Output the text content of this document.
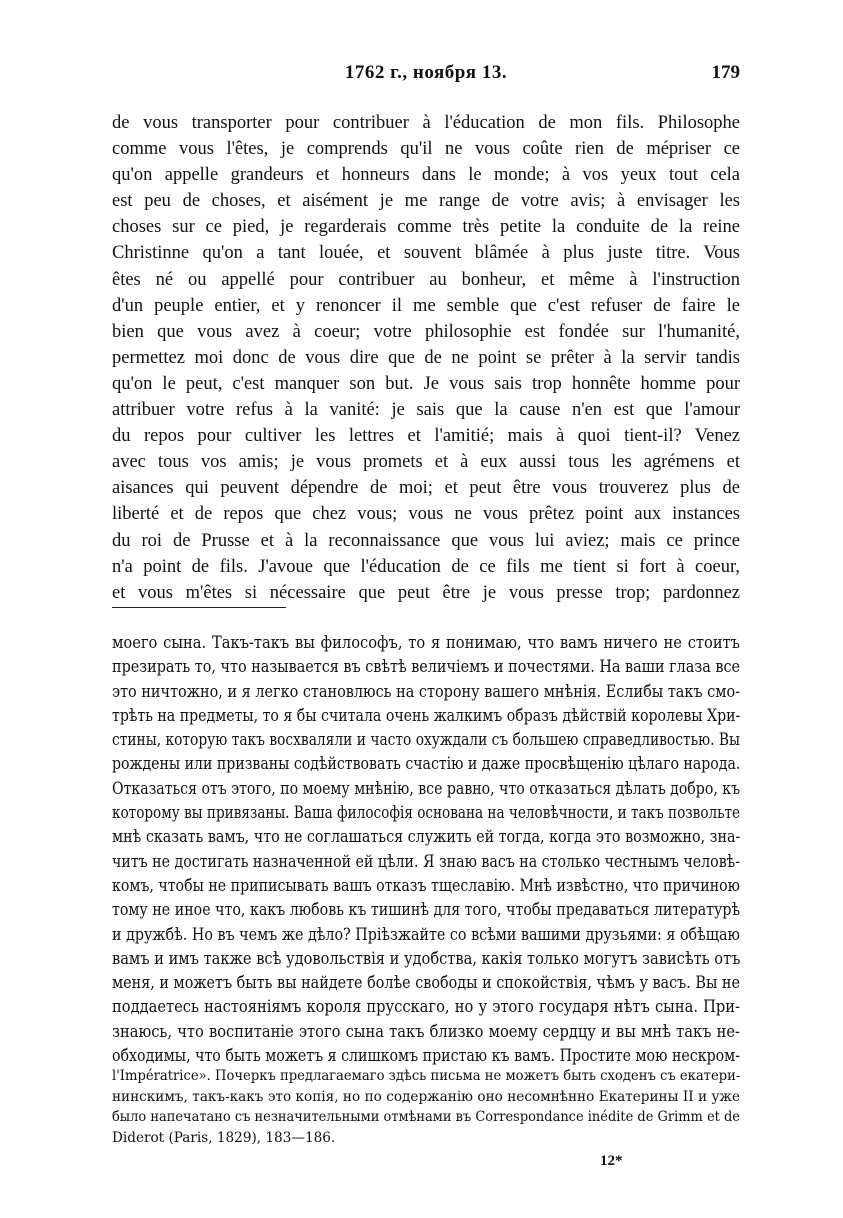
1762 г., ноября 13.	179
de vous transporter pour contribuer à l'éducation de mon fils. Philosophe
comme vous l'êtes, je comprends qu'il ne vous coûte rien de mépriser ce
qu'on appelle grandeurs et honneurs dans le monde; à vos yeux tout cela
est peu de choses, et aisément je me range de votre avis; à envisager les
choses sur ce pied, je regarderais comme très petite la conduite de la reine
Christinne qu'on a tant louée, et souvent blâmée à plus juste titre. Vous
êtes né ou appellé pour contribuer au bonheur, et même à l'instruction
d'un peuple entier, et y renoncer il me semble que c'est refuser de faire le
bien que vous avez à coeur; votre philosophie est fondée sur l'humanité,
permettez moi donc de vous dire que de ne point se prêter à la servir tandis
qu'on le peut, c'est manquer son but. Je vous sais trop honnête homme pour
attribuer votre refus à la vanité: je sais que la cause n'en est que l'amour
du repos pour cultiver les lettres et l'amitié; mais à quoi tient-il? Venez
avec tous vos amis; je vous promets et à eux aussi tous les agrémens et
aisances qui peuvent dépendre de moi; et peut être vous trouverez plus de
liberté et de repos que chez vous; vous ne vous prêtez point aux instances
du roi de Prusse et à la reconnaissance que vous lui aviez; mais ce prince
n'a point de fils. J'avoue que l'éducation de ce fils me tient si fort à coeur,
et vous m'êtes si nécessaire que peut être je vous presse trop; pardonnez
моего сына. Такъ-такъ вы философъ, то я понимаю, что вамъ ничего не стоитъ
презирать то, что называется въ свѣтѣ величіемъ и почестями. На ваши глаза все
это ничтожно, и я легко становлюсь на сторону вашего мнѣнія. Еслибы такъ смо-
трѣть на предметы, то я бы считала очень жалкимъ образъ дѣйствій королевы Хри-
стины, которую такъ восхваляли и часто охуждали съ большею справедливостью. Вы
рождены или призваны содѣйствовать счастію и даже просвѣщенію цѣлаго народа.
Отказаться отъ этого, по моему мнѣнію, все равно, что отказаться дѣлать добро, къ
которому вы привязаны. Ваша философія основана на человѣчности, и такъ позвольте
мнѣ сказать вамъ, что не соглашаться служить ей тогда, когда это возможно, зна-
читъ не достигать назначенной ей цѣли. Я знаю васъ на столько честнымъ человѣ-
комъ, чтобы не приписывать вашъ отказъ тщеславію. Мнѣ извѣстно, что причиною
тому не иное что, какъ любовь къ тишинѣ для того, чтобы предаваться литературѣ
и дружбѣ. Но въ чемъ же дѣло? Пріѣзжайте со всѣми вашими друзьями: я обѣщаю
вамъ и имъ также всѣ удовольствія и удобства, какія только могутъ зависѣть отъ
меня, и можетъ быть вы найдете болѣе свободы и спокойствія, чѣмъ у васъ. Вы не
поддаетесь настояніямъ короля прусскаго, но у этого государя нѣтъ сына. При-
знаюсь, что воспитаніе этого сына такъ близко моему сердцу и вы мнѣ такъ не-
обходимы, что быть можетъ я слишкомъ пристаю къ вамъ. Простите мою нескром-
l'Impératrice». Почеркъ предлагаемаго здѣсь письма не можетъ быть сходенъ съ екатери-
нинскимъ, такъ-какъ это копія, но по содержанію оно несомнѣнно Екатерины II и уже
было напечатано съ незначительными отмѣнами въ Correspondance inédite de Grimm et de
Diderot (Paris, 1829), 183—186.
12*
